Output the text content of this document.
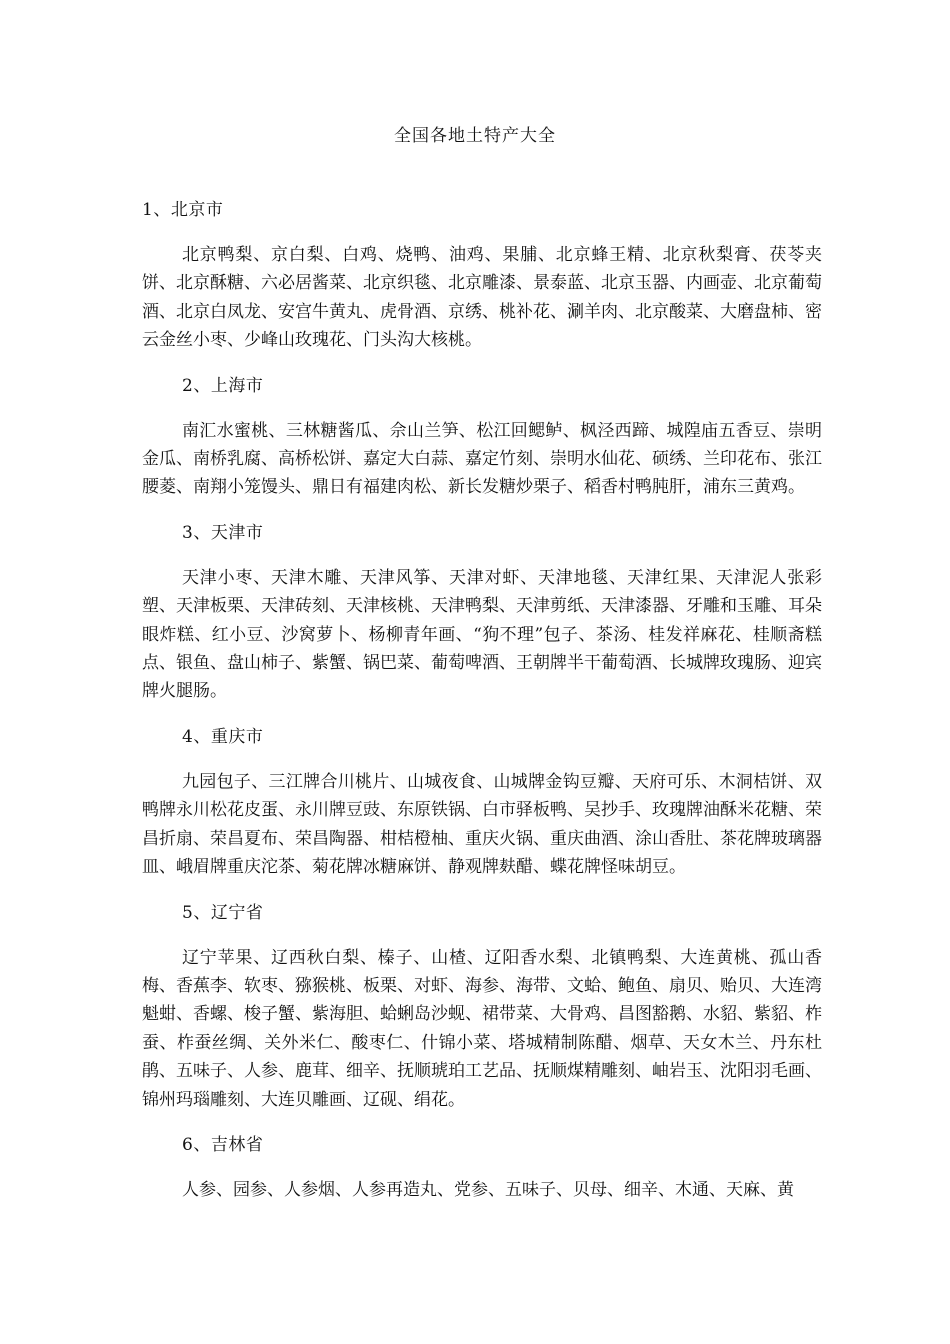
全国各地土特产大全

1、北京市

北京鸭梨、京白梨、白鸡、烧鸭、油鸡、果脯、北京蜂王精、北京秋梨膏、茯苓夹饼、北京酥糖、六必居酱菜、北京织毯、北京雕漆、景泰蓝、北京玉器、内画壶、北京葡萄酒、北京白凤龙、安宫牛黄丸、虎骨酒、京绣、桃补花、涮羊肉、北京酸菜、大磨盘柿、密云金丝小枣、少峰山玫瑰花、门头沟大核桃。

2、上海市

南汇水蜜桃、三林糖酱瓜、佘山兰笋、松江回鳃鲈、枫泾西蹄、城隍庙五香豆、崇明金瓜、南桥乳腐、高桥松饼、嘉定大白蒜、嘉定竹刻、崇明水仙花、硕绣、兰印花布、张江腰菱、南翔小笼馒头、鼎日有福建肉松、新长发糖炒栗子、稻香村鸭肫肝，浦东三黄鸡。

3、天津市

天津小枣、天津木雕、天津风筝、天津对虾、天津地毯、天津红果、天津泥人张彩塑、天津板栗、天津砖刻、天津核桃、天津鸭梨、天津剪纸、天津漆器、牙雕和玉雕、耳朵眼炸糕、红小豆、沙窝萝卜、杨柳青年画、“狗不理”包子、茶汤、桂发祥麻花、桂顺斋糕点、银鱼、盘山柿子、紫蟹、锅巴菜、葡萄啤酒、王朝牌半干葡萄酒、长城牌玫瑰肠、迎宾牌火腿肠。

4、重庆市

九园包子、三江牌合川桃片、山城夜食、山城牌金钩豆瓣、天府可乐、木洞桔饼、双鸭牌永川松花皮蛋、永川牌豆豉、东原铁锅、白市驿板鸭、吴抄手、玫瑰牌油酥米花糖、荣昌折扇、荣昌夏布、荣昌陶器、柑桔橙柚、重庆火锅、重庆曲酒、涂山香肚、茶花牌玻璃器皿、峨眉牌重庆沱茶、菊花牌冰糖麻饼、静观牌麸醋、蝶花牌怪味胡豆。

5、辽宁省

辽宁苹果、辽西秋白梨、榛子、山楂、辽阳香水梨、北镇鸭梨、大连黄桃、孤山香梅、香蕉李、软枣、猕猴桃、板栗、对虾、海参、海带、文蛤、鲍鱼、扇贝、贻贝、大连湾魁蚶、香螺、梭子蟹、紫海胆、蛤蜊岛沙蚬、裙带菜、大骨鸡、昌图豁鹅、水貂、紫貂、柞蚕、柞蚕丝绸、关外米仁、酸枣仁、什锦小菜、塔城精制陈醋、烟草、天女木兰、丹东杜鹃、五味子、人参、鹿茸、细辛、抚顺琥珀工艺品、抚顺煤精雕刻、岫岩玉、沈阳羽毛画、锦州玛瑙雕刻、大连贝雕画、辽砚、绢花。

6、吉林省

人参、园参、人参烟、人参再造丸、党参、五味子、贝母、细辛、木通、天麻、黄
